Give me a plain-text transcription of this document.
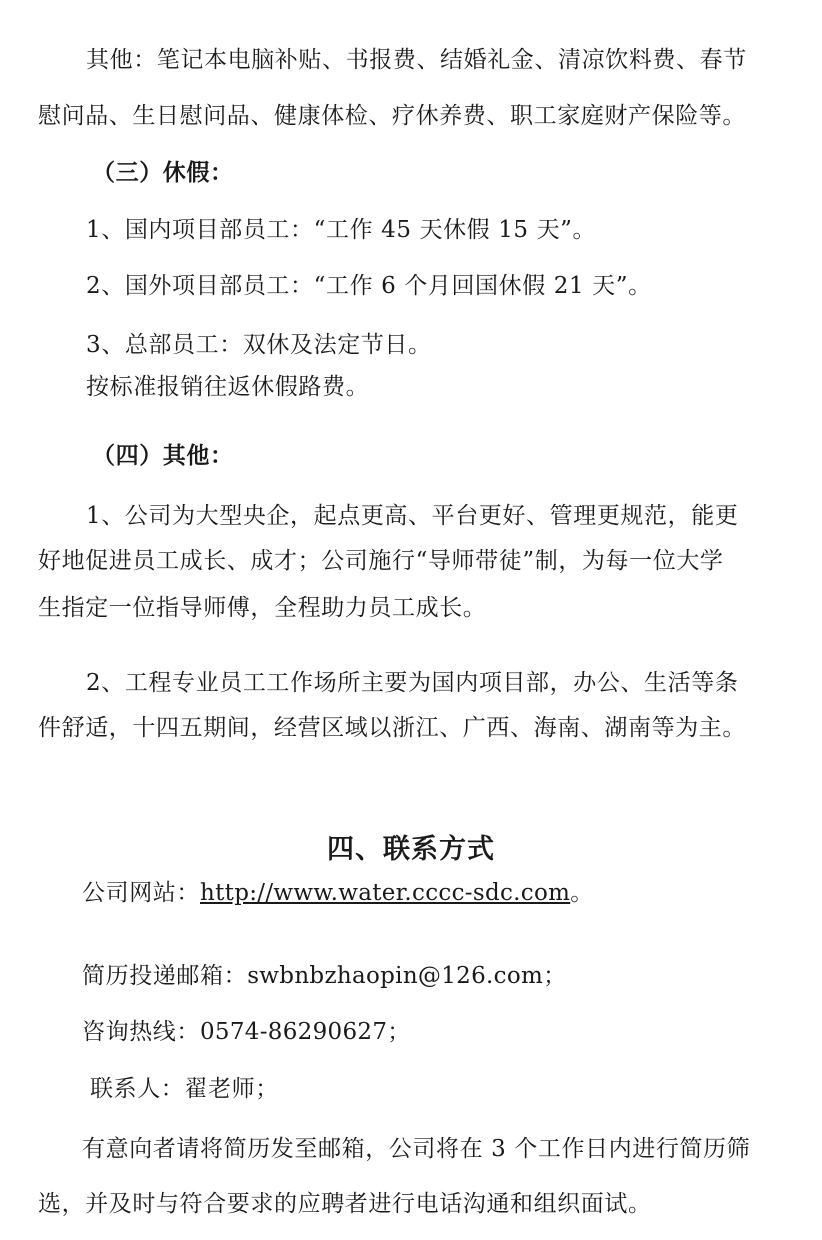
其他：笔记本电脑补贴、书报费、结婚礼金、清凉饮料费、春节
慰问品、生日慰问品、健康体检、疗休养费、职工家庭财产保险等。
（三）休假：
1、国内项目部员工：“工作 45 天休假 15 天”。
2、国外项目部员工：“工作 6 个月回国休假 21 天”。
3、总部员工：双休及法定节日。
按标准报销往返休假路费。
（四）其他：
1、公司为大型央企，起点更高、平台更好、管理更规范，能更
好地促进员工成长、成才；公司施行“导师带徒”制，为每一位大学
生指定一位指导师傅，全程助力员工成长。
2、工程专业员工工作场所主要为国内项目部，办公、生活等条
件舒适，十四五期间，经营区域以浙江、广西、海南、湖南等为主。
四、联系方式
公司网站：http://www.water.cccc-sdc.com。
简历投递邮箱：swbnbzhaopin@126.com；
咨询热线：0574-86290627；
联系人：翟老师；
有意向者请将简历发至邮箱，公司将在 3 个工作日内进行简历筛
选，并及时与符合要求的应聘者进行电话沟通和组织面试。
